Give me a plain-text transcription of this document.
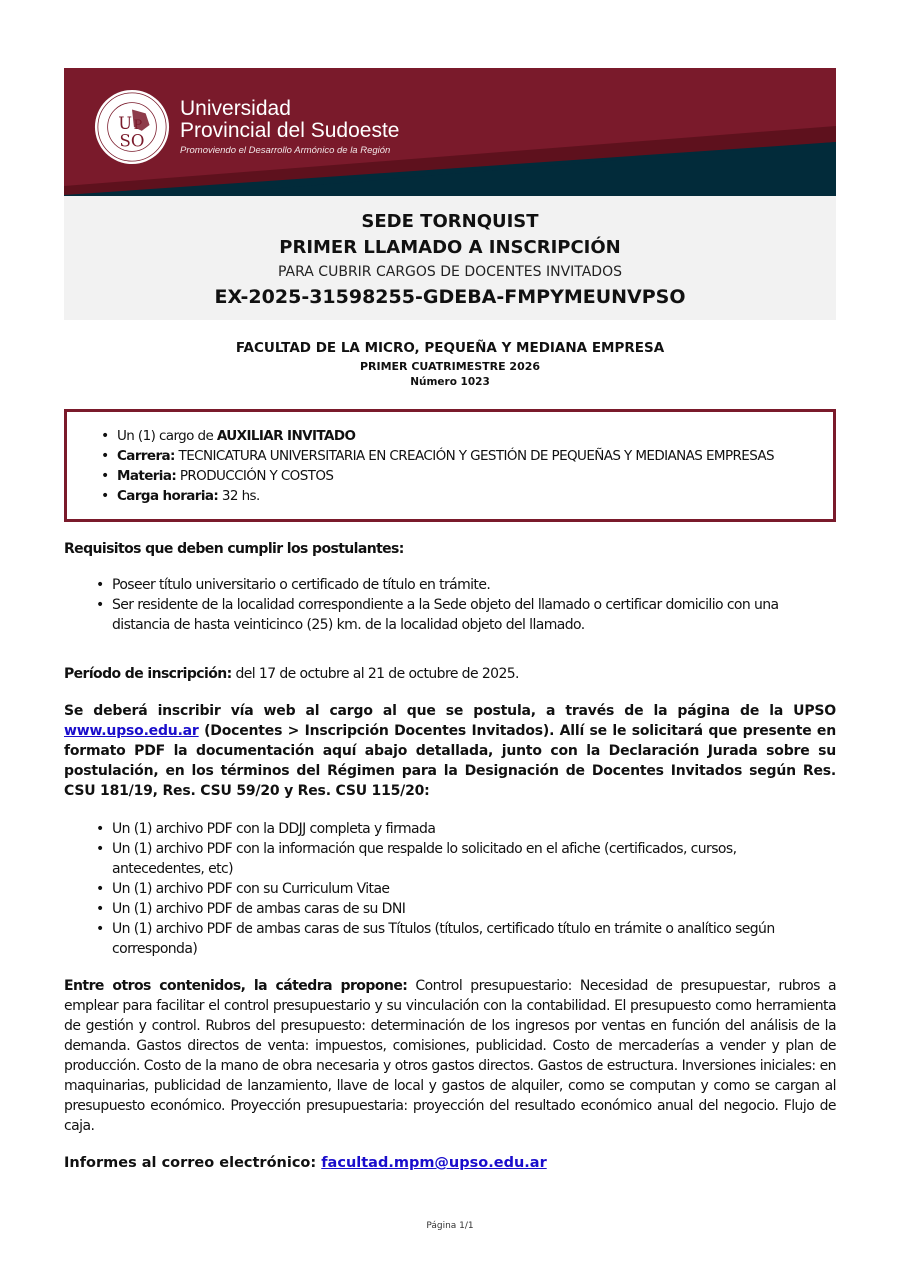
U P
SO
Universidad
Provincial del Sudoeste
Promoviendo el Desarrollo Armónico de la Región
SEDE TORNQUIST
PRIMER LLAMADO A INSCRIPCIÓN
PARA CUBRIR CARGOS DE DOCENTES INVITADOS
EX-2025-31598255-GDEBA-FMPYMEUNVPSO
FACULTAD DE LA MICRO, PEQUEÑA Y MEDIANA EMPRESA
PRIMER CUATRIMESTRE 2026
Número 1023
• Un (1) cargo de AUXILIAR INVITADO
• Carrera: TECNICATURA UNIVERSITARIA EN CREACIÓN Y GESTIÓN DE PEQUEÑAS Y MEDIANAS EMPRESAS
• Materia: PRODUCCIÓN Y COSTOS
• Carga horaria: 32 hs.
Requisitos que deben cumplir los postulantes:
• Poseer título universitario o certificado de título en trámite.
• Ser residente de la localidad correspondiente a la Sede objeto del llamado o certificar domicilio con una distancia de hasta veinticinco (25) km. de la localidad objeto del llamado.
Período de inscripción: del 17 de octubre al 21 de octubre de 2025.
Se deberá inscribir vía web al cargo al que se postula, a través de la página de la UPSO www.upso.edu.ar (Docentes > Inscripción Docentes Invitados). Allí se le solicitará que presente en formato PDF la documentación aquí abajo detallada, junto con la Declaración Jurada sobre su postulación, en los términos del Régimen para la Designación de Docentes Invitados según Res. CSU 181/19, Res. CSU 59/20 y Res. CSU 115/20:
• Un (1) archivo PDF con la DDJJ completa y firmada
• Un (1) archivo PDF con la información que respalde lo solicitado en el afiche (certificados, cursos, antecedentes, etc)
• Un (1) archivo PDF con su Curriculum Vitae
• Un (1) archivo PDF de ambas caras de su DNI
• Un (1) archivo PDF de ambas caras de sus Títulos (títulos, certificado título en trámite o analítico según corresponda)
Entre otros contenidos, la cátedra propone: Control presupuestario: Necesidad de presupuestar, rubros a emplear para facilitar el control presupuestario y su vinculación con la contabilidad. El presupuesto como herramienta de gestión y control. Rubros del presupuesto: determinación de los ingresos por ventas en función del análisis de la demanda. Gastos directos de venta: impuestos, comisiones, publicidad. Costo de mercaderías a vender y plan de producción. Costo de la mano de obra necesaria y otros gastos directos. Gastos de estructura. Inversiones iniciales: en maquinarias, publicidad de lanzamiento, llave de local y gastos de alquiler, como se computan y como se cargan al presupuesto económico. Proyección presupuestaria: proyección del resultado económico anual del negocio. Flujo de caja.
Informes al correo electrónico: facultad.mpm@upso.edu.ar
Página 1/1
